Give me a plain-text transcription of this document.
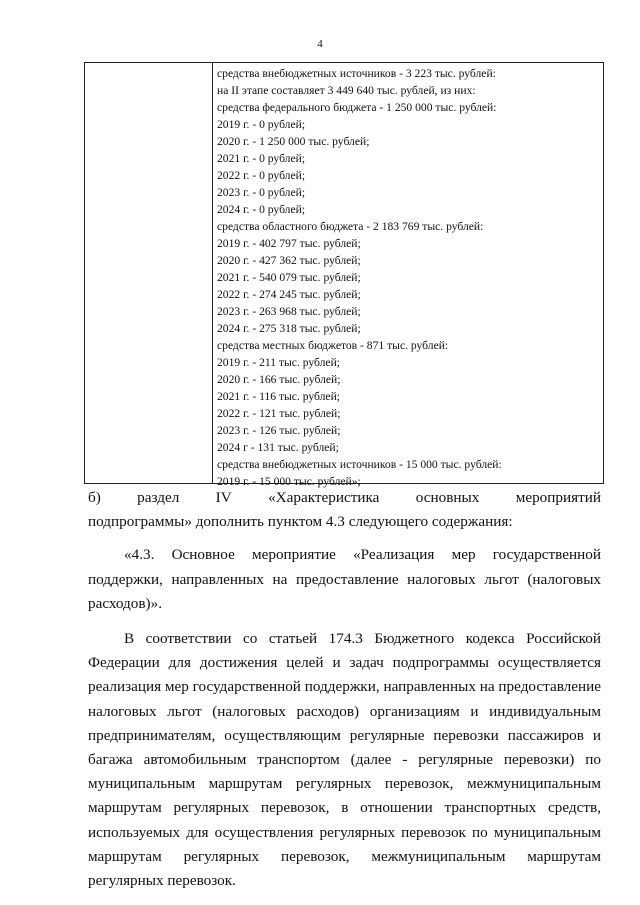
4
средства внебюджетных источников - 3 223 тыс. рублей:
на II этапе составляет 3 449 640 тыс. рублей, из них:
средства федерального бюджета - 1 250 000 тыс. рублей:
2019 г. - 0 рублей;
2020 г. - 1 250 000 тыс. рублей;
2021 г. - 0 рублей;
2022 г. - 0 рублей;
2023 г. - 0 рублей;
2024 г. - 0 рублей;
средства областного бюджета - 2 183 769 тыс. рублей:
2019 г. - 402 797 тыс. рублей;
2020 г. - 427 362 тыс. рублей;
2021 г. - 540 079 тыс. рублей;
2022 г. - 274 245 тыс. рублей;
2023 г. - 263 968 тыс. рублей;
2024 г. - 275 318 тыс. рублей;
средства местных бюджетов - 871 тыс. рублей:
2019 г. - 211 тыс. рублей;
2020 г. - 166 тыс. рублей;
2021 г. - 116 тыс. рублей;
2022 г. - 121 тыс. рублей;
2023 г. - 126 тыс. рублей;
2024 г - 131 тыс. рублей;
средства внебюджетных источников - 15 000 тыс. рублей:
2019 г. - 15 000 тыс. рублей»;

б)    раздел    IV    «Характеристика    основных    мероприятий

подпрограммы» дополнить пунктом 4.3 следующего содержания:

«4.3. Основное мероприятие «Реализация мер государственной поддержки, направленных на предоставление налоговых льгот (налоговых расходов)».

В соответствии со статьей 174.3 Бюджетного кодекса Российской Федерации для достижения целей и задач подпрограммы осуществляется реализация мер государственной поддержки, направленных на предоставление налоговых льгот (налоговых расходов) организациям и индивидуальным предпринимателям, осуществляющим регулярные перевозки пассажиров и багажа автомобильным транспортом (далее - регулярные перевозки) по муниципальным маршрутам регулярных перевозок, межмуниципальным маршрутам регулярных перевозок, в отношении транспортных средств, используемых для осуществления регулярных перевозок по муниципальным маршрутам регулярных перевозок, межмуниципальным маршрутам регулярных перевозок.
